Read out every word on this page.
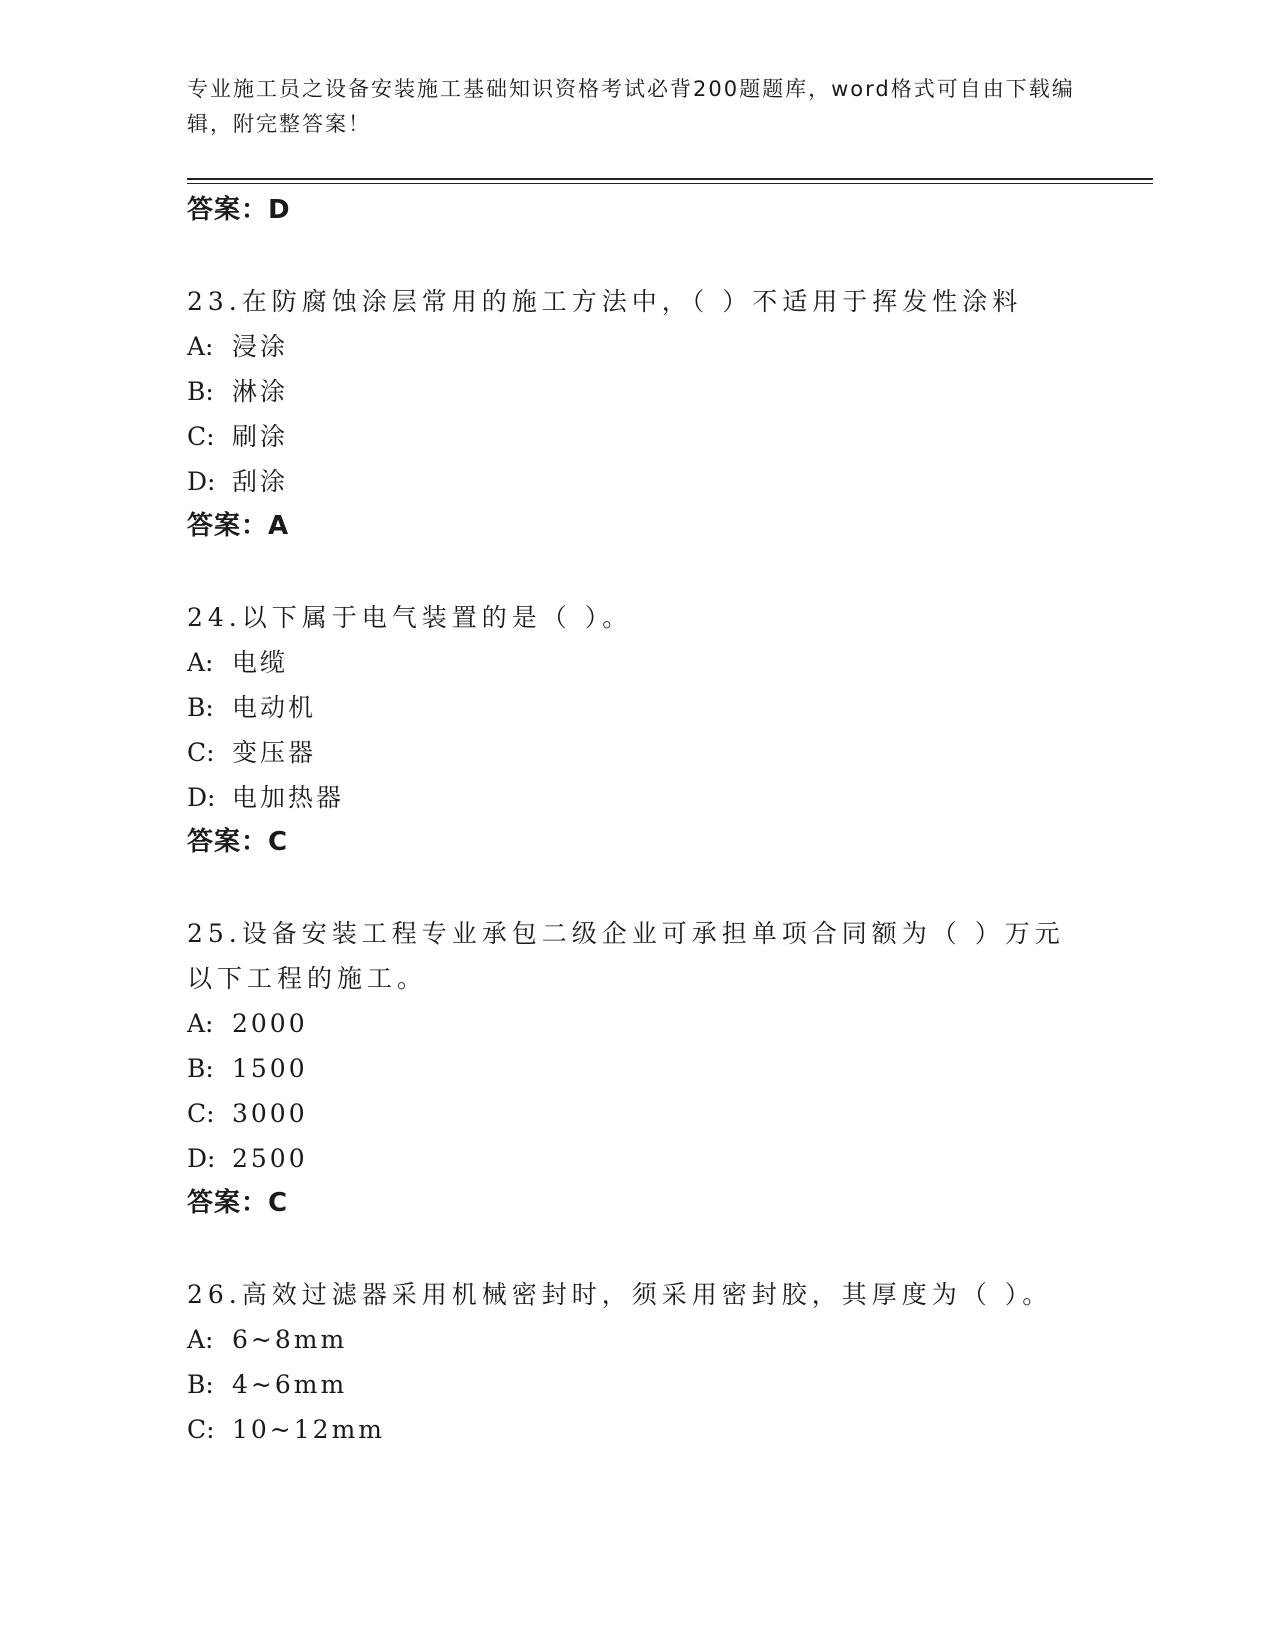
专业施工员之设备安装施工基础知识资格考试必背200题题库，word格式可自由下载编辑，附完整答案！
答案：D
23.在防腐蚀涂层常用的施工方法中，（ ）不适用于挥发性涂料
A: 浸涂
B: 淋涂
C: 刷涂
D: 刮涂
答案：A
24.以下属于电气装置的是（ ）。
A: 电缆
B: 电动机
C: 变压器
D: 电加热器
答案：C
25.设备安装工程专业承包二级企业可承担单项合同额为（ ）万元以下工程的施工。
A: 2000
B: 1500
C: 3000
D: 2500
答案：C
26.高效过滤器采用机械密封时，须采用密封胶，其厚度为（ ）。
A: 6~8mm
B: 4~6mm
C: 10~12mm
